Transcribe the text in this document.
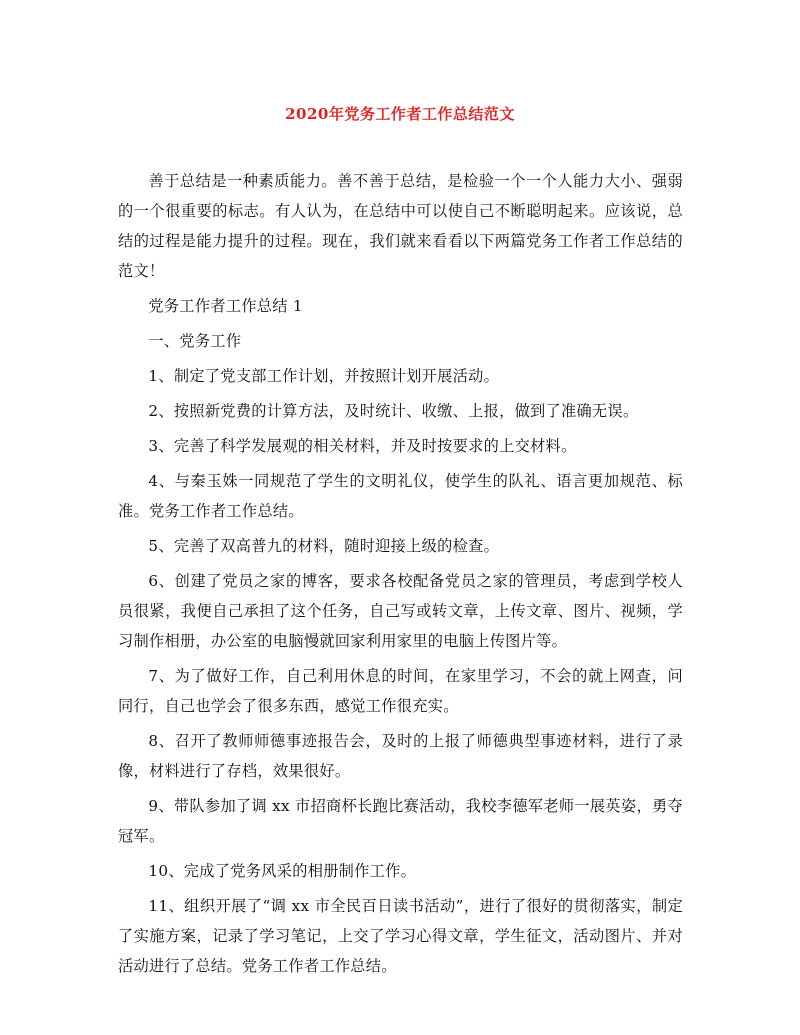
2020年党务工作者工作总结范文

善于总结是一种素质能力。善不善于总结，是检验一个一个人能力大小、强弱的一个很重要的标志。有人认为，在总结中可以使自己不断聪明起来。应该说，总结的过程是能力提升的过程。现在，我们就来看看以下两篇党务工作者工作总结的范文！

党务工作者工作总结 1

一、党务工作

1、制定了党支部工作计划，并按照计划开展活动。

2、按照新党费的计算方法，及时统计、收缴、上报，做到了准确无误。

3、完善了科学发展观的相关材料，并及时按要求的上交材料。

4、与秦玉姝一同规范了学生的文明礼仪，使学生的队礼、语言更加规范、标准。党务工作者工作总结。

5、完善了双高普九的材料，随时迎接上级的检查。

6、创建了党员之家的博客，要求各校配备党员之家的管理员，考虑到学校人员很紧，我便自己承担了这个任务，自己写或转文章，上传文章、图片、视频，学习制作相册，办公室的电脑慢就回家利用家里的电脑上传图片等。

7、为了做好工作，自己利用休息的时间，在家里学习，不会的就上网查，问同行，自己也学会了很多东西，感觉工作很充实。

8、召开了教师师德事迹报告会，及时的上报了师德典型事迹材料，进行了录像，材料进行了存档，效果很好。

9、带队参加了调 xx 市招商杯长跑比赛活动，我校李德军老师一展英姿，勇夺冠军。

10、完成了党务风采的相册制作工作。

11、组织开展了“调 xx 市全民百日读书活动”，进行了很好的贯彻落实，制定了实施方案，记录了学习笔记，上交了学习心得文章，学生征文，活动图片、并对活动进行了总结。党务工作者工作总结。
